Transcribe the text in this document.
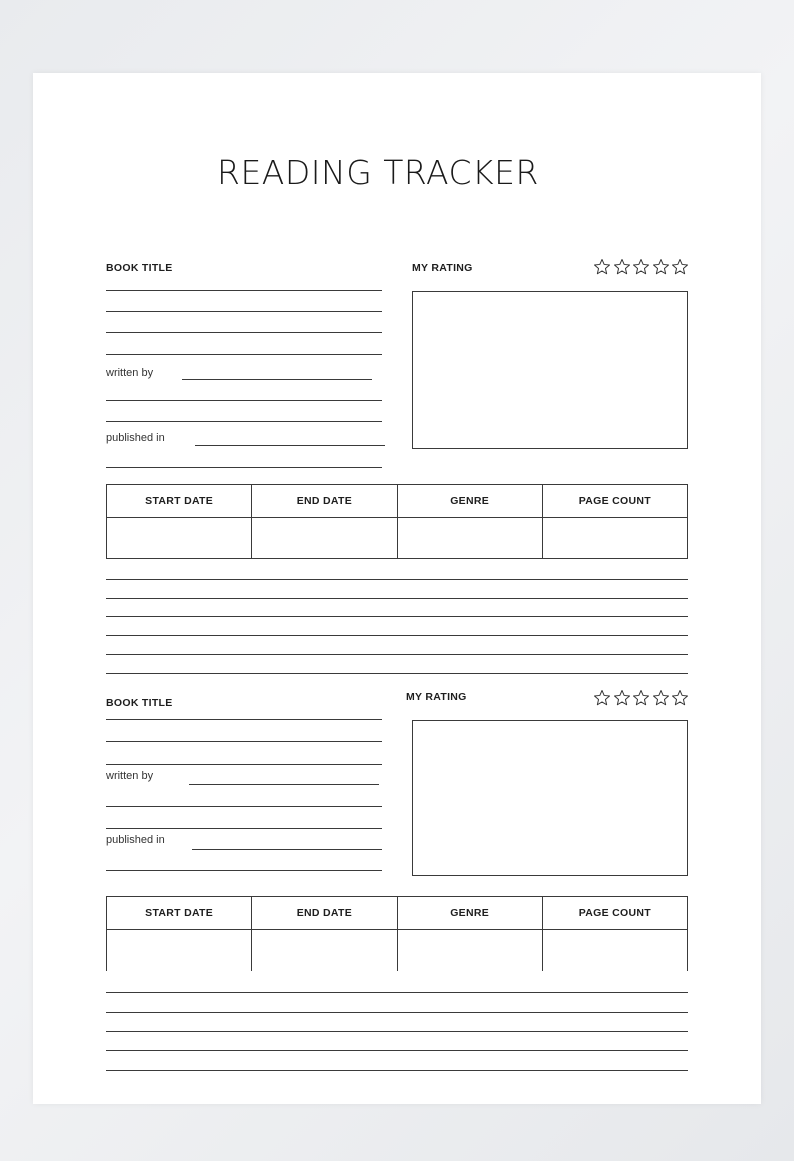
READING TRACKER
BOOK TITLE	MY RATING
written by
published in
START DATE	END DATE	GENRE	PAGE COUNT
BOOK TITLE	MY RATING
written by
published in
START DATE	END DATE	GENRE	PAGE COUNT
